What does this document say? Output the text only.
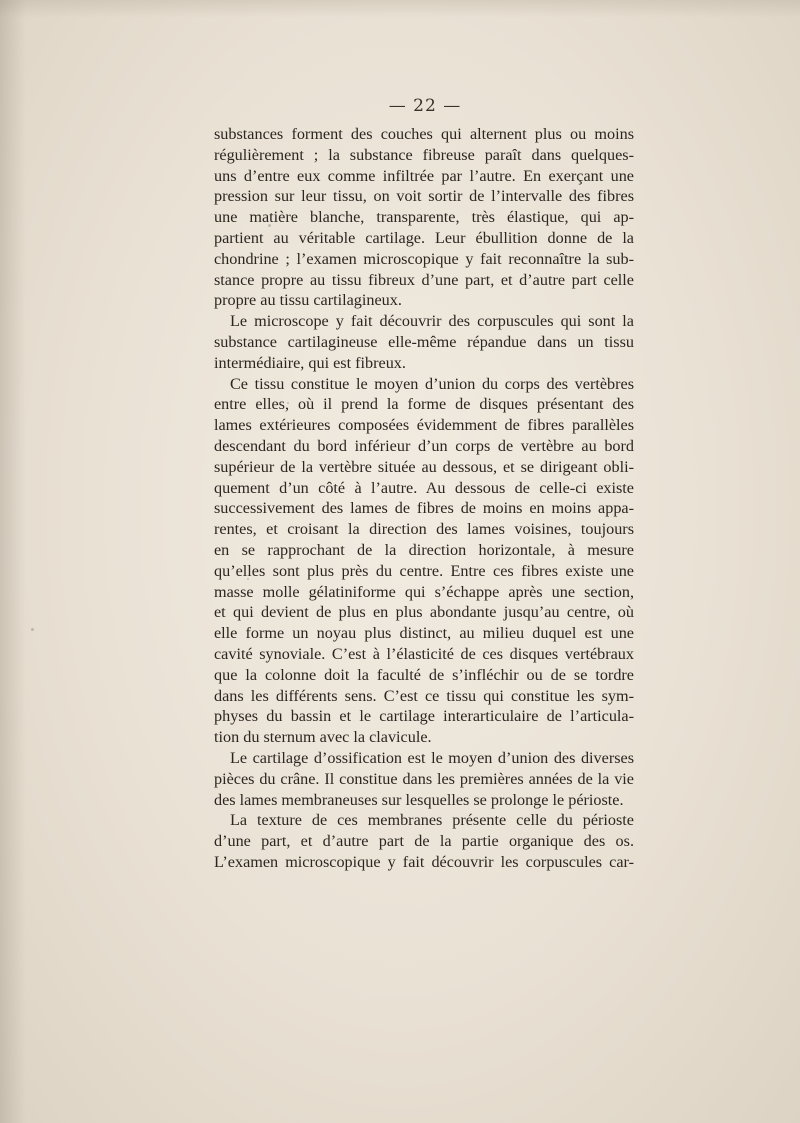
— 22 —
substances forment des couches qui alternent plus ou moins
régulièrement ; la substance fibreuse paraît dans quelques-
uns d’entre eux comme infiltrée par l’autre. En exerçant une
pression sur leur tissu, on voit sortir de l’intervalle des fibres
une matière blanche, transparente, très élastique, qui ap-
partient au véritable cartilage. Leur ébullition donne de la
chondrine ; l’examen microscopique y fait reconnaître la sub-
stance propre au tissu fibreux d’une part, et d’autre part celle
propre au tissu cartilagineux.
Le microscope y fait découvrir des corpuscules qui sont la
substance cartilagineuse elle-même répandue dans un tissu
intermédiaire, qui est fibreux.
Ce tissu constitue le moyen d’union du corps des vertèbres
entre elles, où il prend la forme de disques présentant des
lames extérieures composées évidemment de fibres parallèles
descendant du bord inférieur d’un corps de vertèbre au bord
supérieur de la vertèbre située au dessous, et se dirigeant obli-
quement d’un côté à l’autre. Au dessous de celle-ci existe
successivement des lames de fibres de moins en moins appa-
rentes, et croisant la direction des lames voisines, toujours
en se rapprochant de la direction horizontale, à mesure
qu’elles sont plus près du centre. Entre ces fibres existe une
masse molle gélatiniforme qui s’échappe après une section,
et qui devient de plus en plus abondante jusqu’au centre, où
elle forme un noyau plus distinct, au milieu duquel est une
cavité synoviale. C’est à l’élasticité de ces disques vertébraux
que la colonne doit la faculté de s’infléchir ou de se tordre
dans les différents sens. C’est ce tissu qui constitue les sym-
physes du bassin et le cartilage interarticulaire de l’articula-
tion du sternum avec la clavicule.
Le cartilage d’ossification est le moyen d’union des diverses
pièces du crâne. Il constitue dans les premières années de la vie
des lames membraneuses sur lesquelles se prolonge le périoste.
La texture de ces membranes présente celle du périoste
d’une part, et d’autre part de la partie organique des os.
L’examen microscopique y fait découvrir les corpuscules car-
